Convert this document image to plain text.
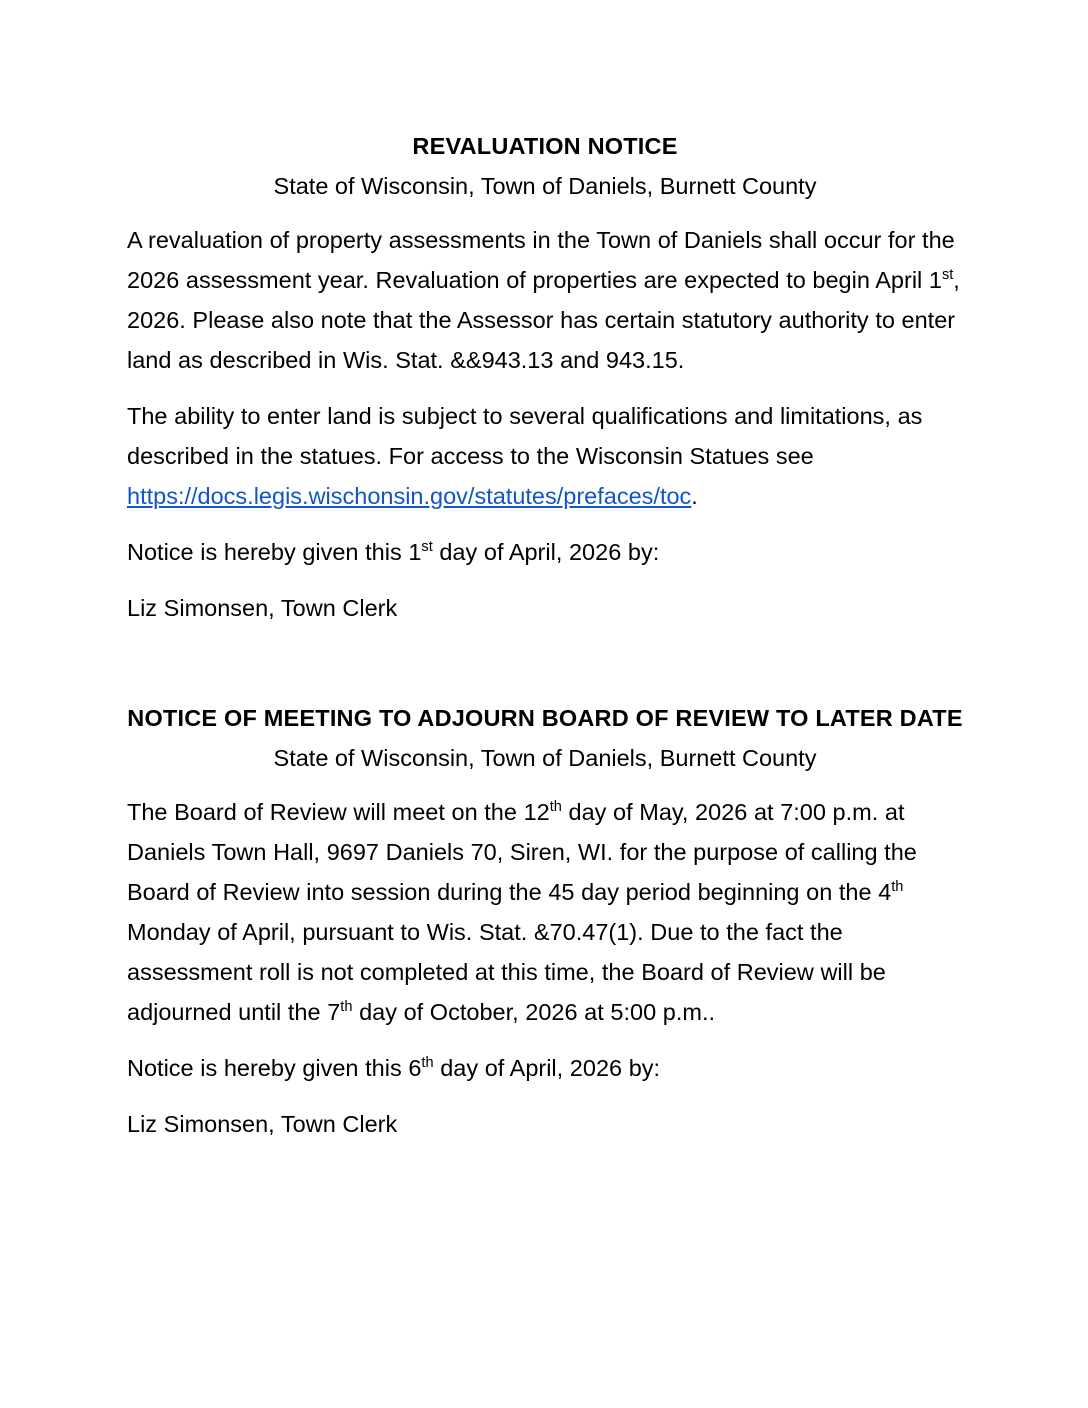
REVALUATION NOTICE
State of Wisconsin, Town of Daniels, Burnett County

A revaluation of property assessments in the Town of Daniels shall occur for the 2026 assessment year. Revaluation of properties are expected to begin April 1st, 2026. Please also note that the Assessor has certain statutory authority to enter land as described in Wis. Stat. &&943.13 and 943.15.

The ability to enter land is subject to several qualifications and limitations, as described in the statues. For access to the Wisconsin Statues see https://docs.legis.wischonsin.gov/statutes/prefaces/toc.

Notice is hereby given this 1st day of April, 2026 by:

Liz Simonsen, Town Clerk

NOTICE OF MEETING TO ADJOURN BOARD OF REVIEW TO LATER DATE
State of Wisconsin, Town of Daniels, Burnett County

The Board of Review will meet on the 12th day of May, 2026 at 7:00 p.m. at Daniels Town Hall, 9697 Daniels 70, Siren, WI. for the purpose of calling the Board of Review into session during the 45 day period beginning on the 4th Monday of April, pursuant to Wis. Stat. &70.47(1). Due to the fact the assessment roll is not completed at this time, the Board of Review will be adjourned until the 7th day of October, 2026 at 5:00 p.m..

Notice is hereby given this 6th day of April, 2026 by:

Liz Simonsen, Town Clerk
